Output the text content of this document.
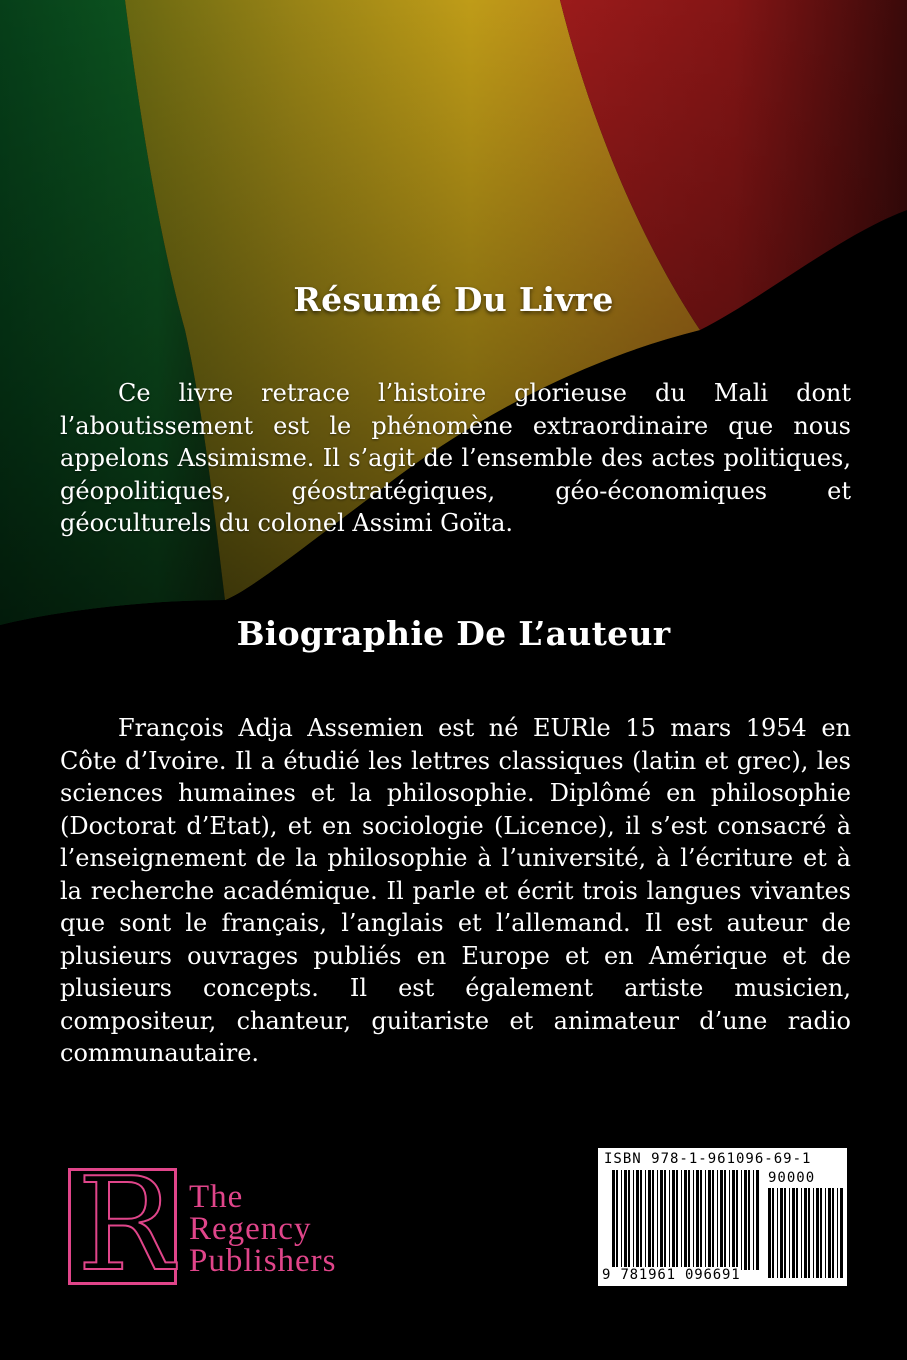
Résumé Du Livre

Ce livre retrace l’histoire glorieuse du Mali dont l’aboutissement est le phénomène extraordinaire que nous appelons Assimisme. Il s’agit de l’ensemble des actes politiques, géopolitiques, géostratégiques, géo-économiques et géoculturels du colonel Assimi Goïta.

Biographie De L’auteur

François Adja Assemien est né EURle 15 mars 1954 en Côte d’Ivoire. Il a étudié les lettres classiques (latin et grec), les sciences humaines et la philosophie. Diplômé en philosophie (Doctorat d’Etat), et en sociologie (Licence), il s’est consacré à l’enseignement de la philosophie à l’université, à l’écriture et à la recherche académique. Il parle et écrit trois langues vivantes que sont le français, l’anglais et l’allemand. Il est auteur de plusieurs ouvrages publiés en Europe et en Amérique et de plusieurs concepts. Il est également artiste musicien, compositeur, chanteur, guitariste et animateur d’une radio communautaire.

R The
Regency
Publishers
ISBN 978-1-961096-69-1
90000
9 781961 096691
